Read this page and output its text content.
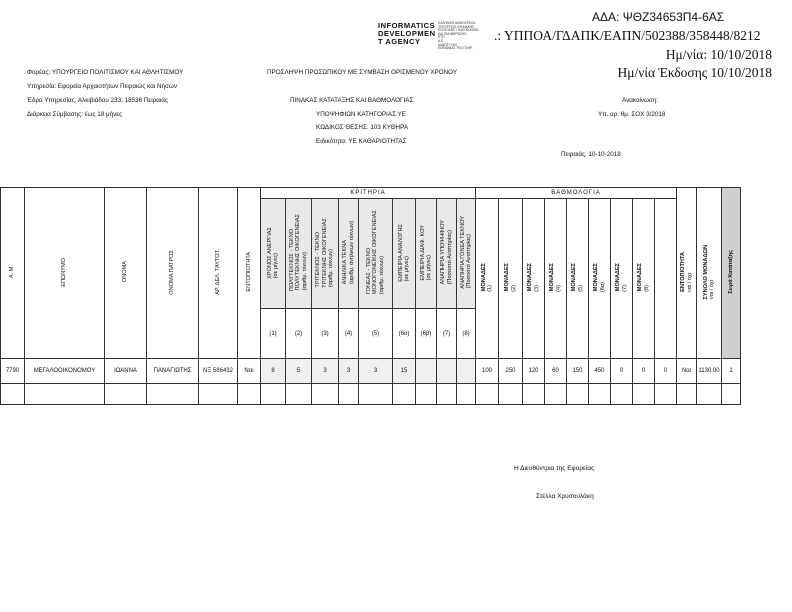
ΑΔΑ: ΨΘΖ34653Π4-6ΑΣ
INFORMATICS
DEVELOPMEN
T AGENCY
ΕΛΛΗΝΙΚΗ ΔΗΜΟΚΡΑΤΙΑ
ΥΠΟΥΡΓΕΙΟ ΨΗΦΙΑΚΗΣ
ΠΟΛΙΤΙΚΗΣ ΤΗΛΕΠΙΚ/ΝΙΩΝ
ΚΑΙ ΕΝΗΜΕΡΩΣΗΣ
ΚΤΠ
Α.Ε.
ΑΝΑΠΤΥΞΗΣ
ΚΟΙΝΩΝΙΑΣ ΤΗΣ ΠΛΗΡ.
.: ΥΠΠΟΑ/ΓΔΑΠΚ/ΕΑΠΝ/502388/358448/8212
Ημ/νία: 10/10/2018
Ημ/νία Έκδοσης 10/10/2018
Φορέας: ΥΠΟΥΡΓΕΙΟ ΠΟΛΙΤΙΣΜΟΥ ΚΑΙ ΑΘΛΗΤΙΣΜΟΥ
Υπηρεσία: Εφορεία Αρχαιοτήτων Πειραιώς και Νήσων
Έδρα Υπηρεσίας: Αλκιβιάδου 233, 18536 Πειραιάς
Διάρκεια Σύμβασης: έως 18 μήνες
ΠΡΟΣΛΗΨΗ ΠΡΟΣΩΠΙΚΟΥ ΜΕ ΣΥΜΒΑΣΗ ΟΡΙΣΜΕΝΟΥ ΧΡΟΝΟΥ
ΠΙΝΑΚΑΣ ΚΑΤΑΤΑΞΗΣ ΚΑΙ ΒΑΘΜΟΛΟΓΙΑΣ
ΥΠΟΨΗΦΙΩΝ ΚΑΤΗΓΟΡΙΑΣ ΥΕ
ΚΩΔΙΚΟΣ ΘΕΣΗΣ: 103 ΚΥΘΗΡΑ
Ειδικότητα: ΥΕ ΚΑΘΑΡΙΟΤΗΤΑΣ
Ανακοίνωση:
Υπ. αρ. θμ. ΣΟΧ 3/2018
Πειραιάς, 10-10-2018
Α. Μ.	ΕΠΩΝΥΜΟ	ΟΝΟΜΑ	ΟΝΟΜΑ ΠΑΤΡΟΣ	ΑΡ. ΔΕΛ. ΤΑΥΤΟΤ.	ΕΝΤΟΠΙΟΤΗΤΑ	ΚΡΙΤΗΡΙΑ									ΒΑΘΜΟΛΟΓΙΑ									ΕΝΤΟΠΙΟΤΗΤΑναι / όχι	ΣΥΝΟΛΟ ΜΟΝΑΔΩΝναι / όχι	Σειρά Κατάταξης
						ΧΡΟΝΟΣ ΑΝΕΡΓΙΑΣ(σε μήνες)	ΠΟΛΥΤΕΚΝΟΣ - ΤΕΚΝΟΠΟΛΥΤΕΚΝΗΣ ΟΙΚΟΓΕΝΕΙΑΣ(αριθμ. τέκνων)	ΤΡΙΤΕΚΝΟΣ - ΤΕΚΝΟΤΡΙΤΕΚΝΗΣ ΟΙΚΟΓΕΝΕΙΑΣ(αριθμ. τέκνων)	ΑΝΗΛΙΚΑ ΤΕΚΝΑ(αριθμ. ανήλικων τέκνων)	ΓΟΝΕΑΣ - ΤΕΚΝΟΜΟΝΟΓΟΝΕΪΚΗΣ ΟΙΚΟΓΕΝΕΙΑΣ(αριθμ. τέκνων)	ΕΜΠΕΙΡΙΑ ΑΝΑΛΟΓΗΣ(σε μήνες)	ΕΜΠΕΙΡΙΑ ΔΙΑΦ. ΚΟΥ(σε μήνες)	ΑΝΑΠΗΡΙΑ ΥΠΟΨΗΦΙΟΥ(Ποσοστό Αναπηρίας)	ΑΝΑΠΗΡΙΑ ΓΟΝΕΑ ΤΕΚΝΟΥ(Ποσοστό Αναπηρίας)	ΜΟΝΑΔΕΣ(1)	ΜΟΝΑΔΕΣ(2)	ΜΟΝΑΔΕΣ(3)	ΜΟΝΑΔΕΣ(4)	ΜΟΝΑΔΕΣ(5)	ΜΟΝΑΔΕΣ(6α)	ΜΟΝΑΔΕΣ(7)	ΜΟΝΑΔΕΣ(8)				
						(1)	(2)	(3)	(4)	(5)	(6α)	(6β)	(7)	(8)												
7790	ΜΕΓΑΛΟΟΙΚΟΝΟΜΟΥ	ΙΩΑΝΝΑ	ΠΑΝΑΓΙΩΤΗΣ	ΝΞ 586432	Ναι	8	5	3	3	3	15				100	250	120	60	150	450	0	0	0	Ναι	1130.00	1

Η Διευθύντρια της Εφορείας
Στέλλα Χρυσουλάκη
